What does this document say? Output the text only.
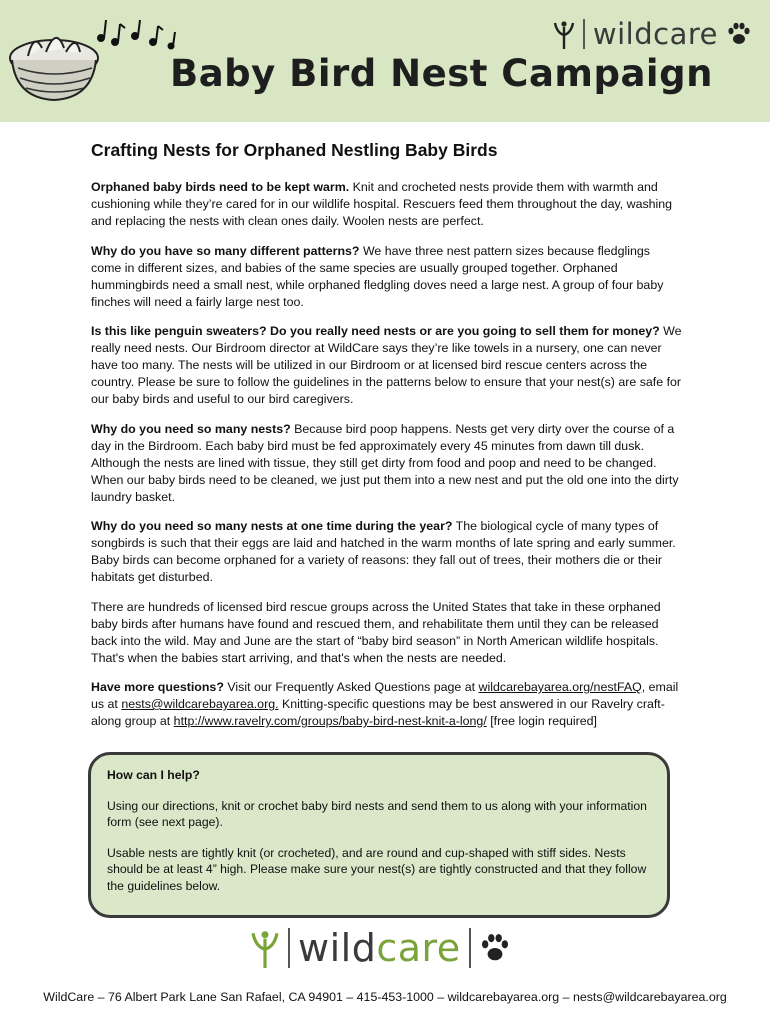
wildcare
Baby Bird Nest Campaign
Crafting Nests for Orphaned Nestling Baby Birds

Orphaned baby birds need to be kept warm. Knit and crocheted nests provide them with warmth and cushioning while they’re cared for in our wildlife hospital. Rescuers feed them throughout the day, washing and replacing the nests with clean ones daily. Woolen nests are perfect.

Why do you have so many different patterns? We have three nest pattern sizes because fledglings come in different sizes, and babies of the same species are usually grouped together. Orphaned hummingbirds need a small nest, while orphaned fledgling doves need a large nest. A group of four baby finches will need a fairly large nest too.

Is this like penguin sweaters? Do you really need nests or are you going to sell them for money? We really need nests. Our Birdroom director at WildCare says they’re like towels in a nursery, one can never have too many. The nests will be utilized in our Birdroom or at licensed bird rescue centers across the country. Please be sure to follow the guidelines in the patterns below to ensure that your nest(s) are safe for our baby birds and useful to our bird caregivers.

Why do you need so many nests? Because bird poop happens. Nests get very dirty over the course of a day in the Birdroom. Each baby bird must be fed approximately every 45 minutes from dawn till dusk. Although the nests are lined with tissue, they still get dirty from food and poop and need to be changed. When our baby birds need to be cleaned, we just put them into a new nest and put the old one into the dirty laundry basket.

Why do you need so many nests at one time during the year? The biological cycle of many types of songbirds is such that their eggs are laid and hatched in the warm months of late spring and early summer. Baby birds can become orphaned for a variety of reasons: they fall out of trees, their mothers die or their habitats get disturbed.

There are hundreds of licensed bird rescue groups across the United States that take in these orphaned baby birds after humans have found and rescued them, and rehabilitate them until they can be released back into the wild. May and June are the start of “baby bird season” in North American wildlife hospitals. That's when the babies start arriving, and that's when the nests are needed.

Have more questions? Visit our Frequently Asked Questions page at wildcarebayarea.org/nestFAQ, email us at nests@wildcarebayarea.org. Knitting-specific questions may be best answered in our Ravelry craft-along group at http://www.ravelry.com/groups/baby-bird-nest-knit-a-long/ [free login required]

How can I help?
Using our directions, knit or crochet baby bird nests and send them to us along with your information form (see next page).
Usable nests are tightly knit (or crocheted), and are round and cup-shaped with stiff sides. Nests should be at least 4” high. Please make sure your nest(s) are tightly constructed and that they follow the guidelines below.
wildcare
WildCare – 76 Albert Park Lane San Rafael, CA 94901 – 415-453-1000 – wildcarebayarea.org – nests@wildcarebayarea.org
